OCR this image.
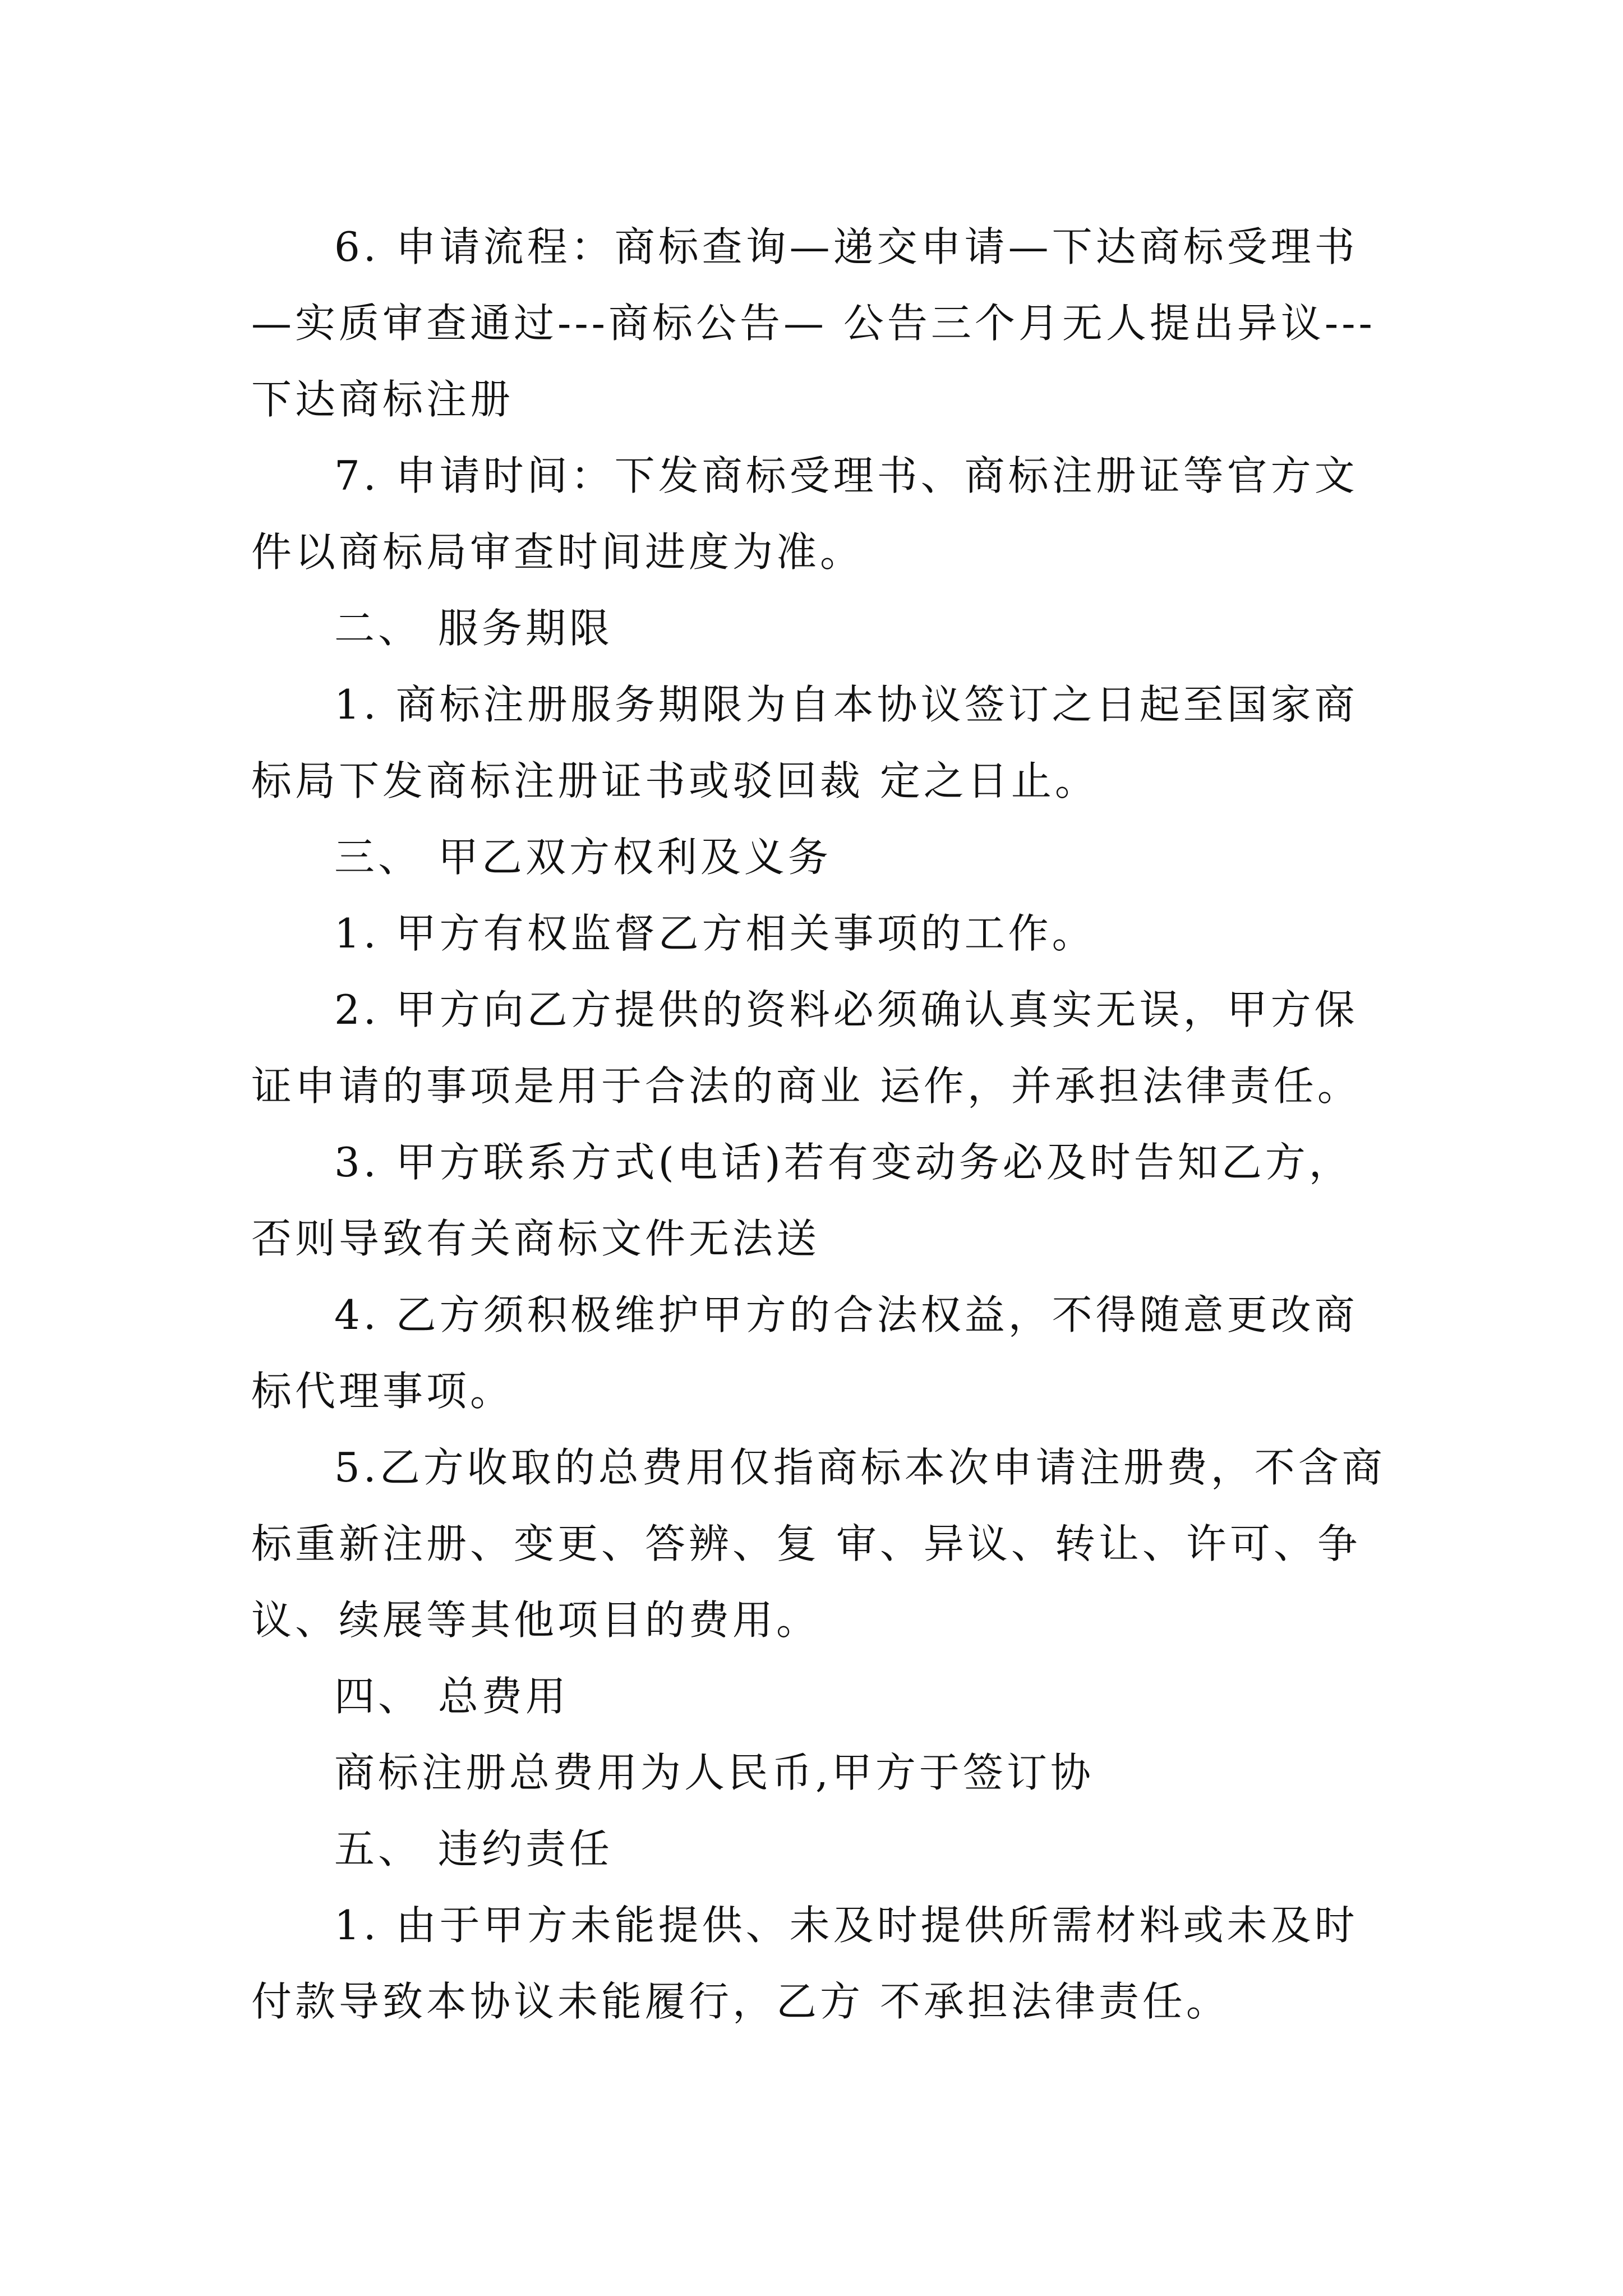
6. 申请流程：商标查询—递交申请—下达商标受理书—实质审查通过---商标公告— 公告三个月无人提出异议---下达商标注册

7. 申请时间：下发商标受理书、商标注册证等官方文件以商标局审查时间进度为准。

二、 服务期限

1. 商标注册服务期限为自本协议签订之日起至国家商标局下发商标注册证书或驳回裁 定之日止。

三、 甲乙双方权利及义务

1. 甲方有权监督乙方相关事项的工作。

2. 甲方向乙方提供的资料必须确认真实无误，甲方保证申请的事项是用于合法的商业 运作，并承担法律责任。

3. 甲方联系方式(电话)若有变动务必及时告知乙方，否则导致有关商标文件无法送

4. 乙方须积极维护甲方的合法权益，不得随意更改商标代理事项。

5.乙方收取的总费用仅指商标本次申请注册费，不含商标重新注册、变更、答辨、复 审、异议、转让、许可、争议、续展等其他项目的费用。

四、 总费用

商标注册总费用为人民币,甲方于签订协

五、 违约责任

1. 由于甲方未能提供、未及时提供所需材料或未及时付款导致本协议未能履行，乙方 不承担法律责任。
